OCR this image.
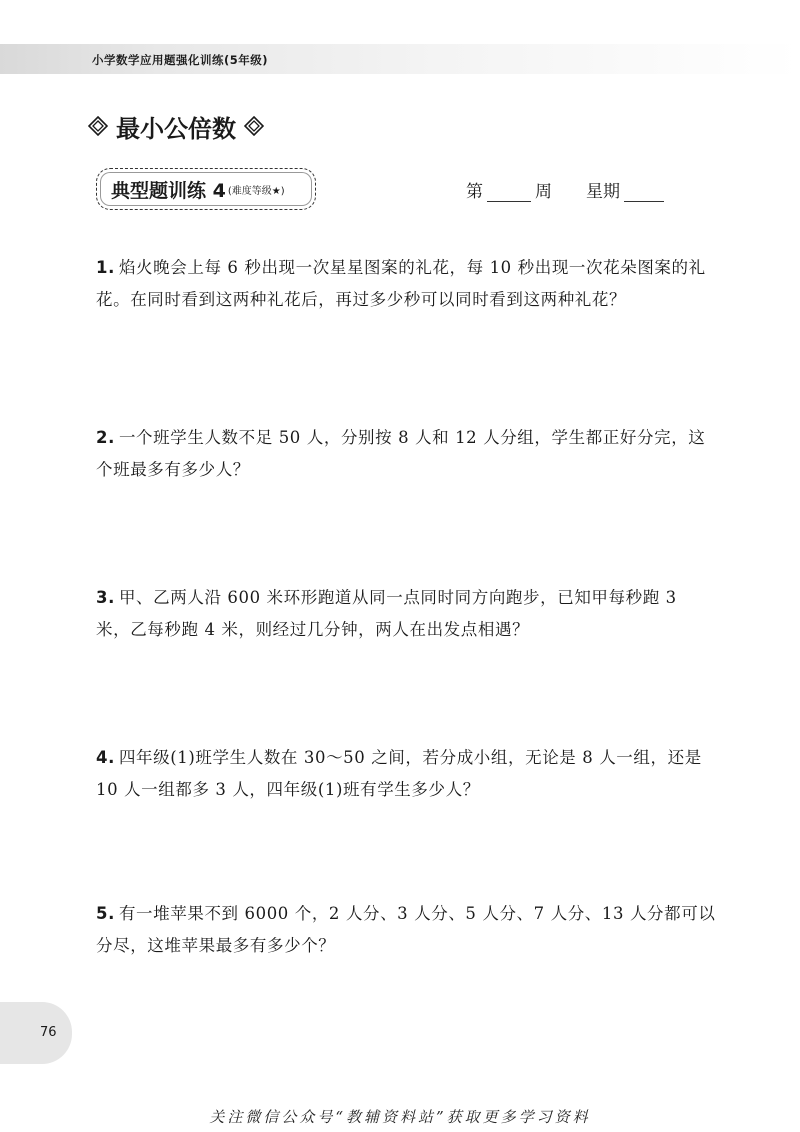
小学数学应用题强化训练(5年级)
最小公倍数
典型题训练 4 (难度等级★)	第	周 星期
1. 焰火晚会上每 6 秒出现一次星星图案的礼花，每 10 秒出现一次花朵图案的礼花。在同时看到这两种礼花后，再过多少秒可以同时看到这两种礼花？
2. 一个班学生人数不足 50 人，分别按 8 人和 12 人分组，学生都正好分完，这个班最多有多少人？
3. 甲、乙两人沿 600 米环形跑道从同一点同时同方向跑步，已知甲每秒跑 3 米，乙每秒跑 4 米，则经过几分钟，两人在出发点相遇？
4. 四年级(1)班学生人数在 30～50 之间，若分成小组，无论是 8 人一组，还是 10 人一组都多 3 人，四年级(1)班有学生多少人？
5. 有一堆苹果不到 6000 个，2 人分、3 人分、5 人分、7 人分、13 人分都可以分尽，这堆苹果最多有多少个？
76
关注微信公众号“教辅资料站”获取更多学习资料
